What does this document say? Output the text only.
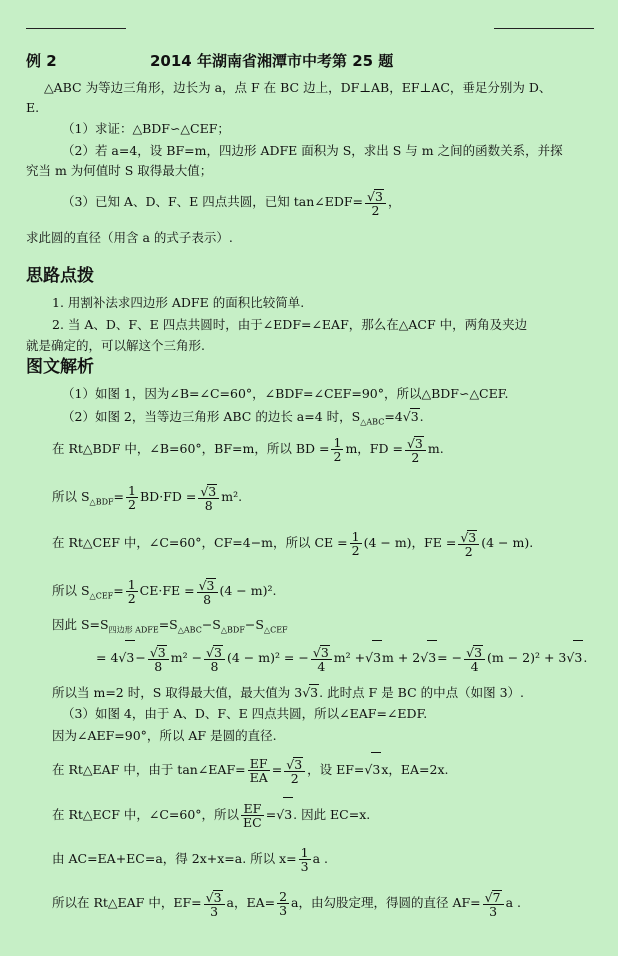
例 2	2014 年湖南省湘潭市中考第 25 题
△ABC 为等边三角形，边长为 a，点 F 在 BC 边上，DF⊥AB，EF⊥AC，垂足分别为 D、
E.
（1）求证：△BDF∽△CEF；
（2）若 a=4，设 BF=m，四边形 ADFE 面积为 S，求出 S 与 m 之间的函数关系，并探
究当 m 为何值时 S 取得最大值；
（3）已知 A、D、F、E 四点共圆，已知 tan∠EDF= $\frac{√3}{2}$ ，
求此圆的直径（用含 a 的式子表示）.
思路点拨
1. 用割补法求四边形 ADFE 的面积比较简单.
2. 当 A、D、F、E 四点共圆时，由于∠EDF=∠EAF，那么在△ACF 中，两角及夹边
就是确定的，可以解这个三角形.
图文解析
（1）如图 1，因为∠B=∠C=60°，∠BDF=∠CEF=90°，所以△BDF∽△CEF.
（2）如图 2，当等边三角形 ABC 的边长 a=4 时，$S_{\triangle ABC}=4√3$.
在 Rt△BDF 中，∠B=60°，BF=m，所以 BD = $\frac{1}{2}$ m，FD = $\frac{√3}{2} m$.
所以 $S_{\triangle BDF}= \frac{1}{2} BD\cdot FD = \frac{√3}{8} m^2$.
在 Rt△CEF 中，∠C=60°，CF=4−m，所以 CE = $\frac{1}{2} (4 - m)$，FE = $\frac{√3}{2} (4 - m)$.
所以 $S_{\triangle CEF}= \frac{1}{2} CE\cdot FE = \frac{√3}{8} (4 - m)^2$.
因此 $S=S_{四边形 ADFE}=S_{\triangle ABC}-S_{\triangle BDF}-S_{\triangle CEF}$
= $4√3- \frac{√3}{8} m^2 - \frac{√3}{8} (4 - m)^2$ = − $\frac{√3}{4} m^2 +√3m + 2√3= - \frac{√3}{4} (m - 2)^2 + 3√3$.
所以当 m=2 时，S 取得最大值，最大值为 3√3. 此时点 F 是 BC 的中点（如图 3）.
（3）如图 4，由于 A、D、F、E 四点共圆，所以∠EAF=∠EDF.
因为∠AEF=90°，所以 AF 是圆的直径.
在 Rt△EAF 中，由于 tan∠EAF= $\frac{EF}{EA} = \frac{√3}{2}$ ，设 EF=√3x，EA=2x.
在 Rt△ECF 中，∠C=60°，所以 $\frac{EF}{EC} =√3$. 因此 EC=x.
由 AC=EA+EC=a，得 2x+x=a. 所以 $x= \frac{1}{3}$ a .
所以在 Rt△EAF 中，$EF= \frac{√3}{3}$ a，$EA= \frac{2}{3}$ a，由勾股定理，得圆的直径 $AF= \frac{√7}{3}$ a .
